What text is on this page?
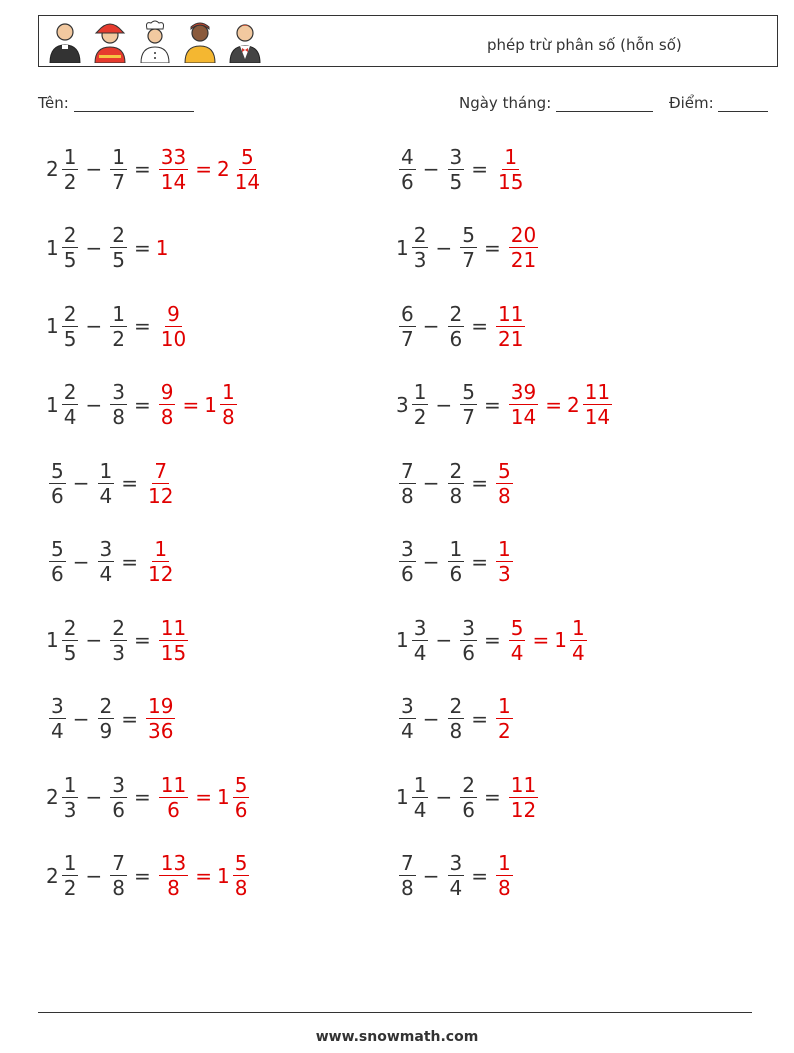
phép trừ phân số (hỗn số)
Tên:	Ngày tháng:	Điểm:
$2 \frac{1}{2} - \frac{1}{7} = \frac{33}{14} = 2 \frac{5}{14}$	$\frac{4}{6} - \frac{3}{5} = \frac{1}{15}$
$1 \frac{2}{5} - \frac{2}{5} = 1$	$1 \frac{2}{3} - \frac{5}{7} = \frac{20}{21}$
$1 \frac{2}{5} - \frac{1}{2} = \frac{9}{10}$	$\frac{6}{7} - \frac{2}{6} = \frac{11}{21}$
$1 \frac{2}{4} - \frac{3}{8} = \frac{9}{8} = 1 \frac{1}{8}$	$3 \frac{1}{2} - \frac{5}{7} = \frac{39}{14} = 2 \frac{11}{14}$
$\frac{5}{6} - \frac{1}{4} = \frac{7}{12}$	$\frac{7}{8} - \frac{2}{8} = \frac{5}{8}$
$\frac{5}{6} - \frac{3}{4} = \frac{1}{12}$	$\frac{3}{6} - \frac{1}{6} = \frac{1}{3}$
$1 \frac{2}{5} - \frac{2}{3} = \frac{11}{15}$	$1 \frac{3}{4} - \frac{3}{6} = \frac{5}{4} = 1 \frac{1}{4}$
$\frac{3}{4} - \frac{2}{9} = \frac{19}{36}$	$\frac{3}{4} - \frac{2}{8} = \frac{1}{2}$
$2 \frac{1}{3} - \frac{3}{6} = \frac{11}{6} = 1 \frac{5}{6}$	$1 \frac{1}{4} - \frac{2}{6} = \frac{11}{12}$
$2 \frac{1}{2} - \frac{7}{8} = \frac{13}{8} = 1 \frac{5}{8}$	$\frac{7}{8} - \frac{3}{4} = \frac{1}{8}$
www.snowmath.com
